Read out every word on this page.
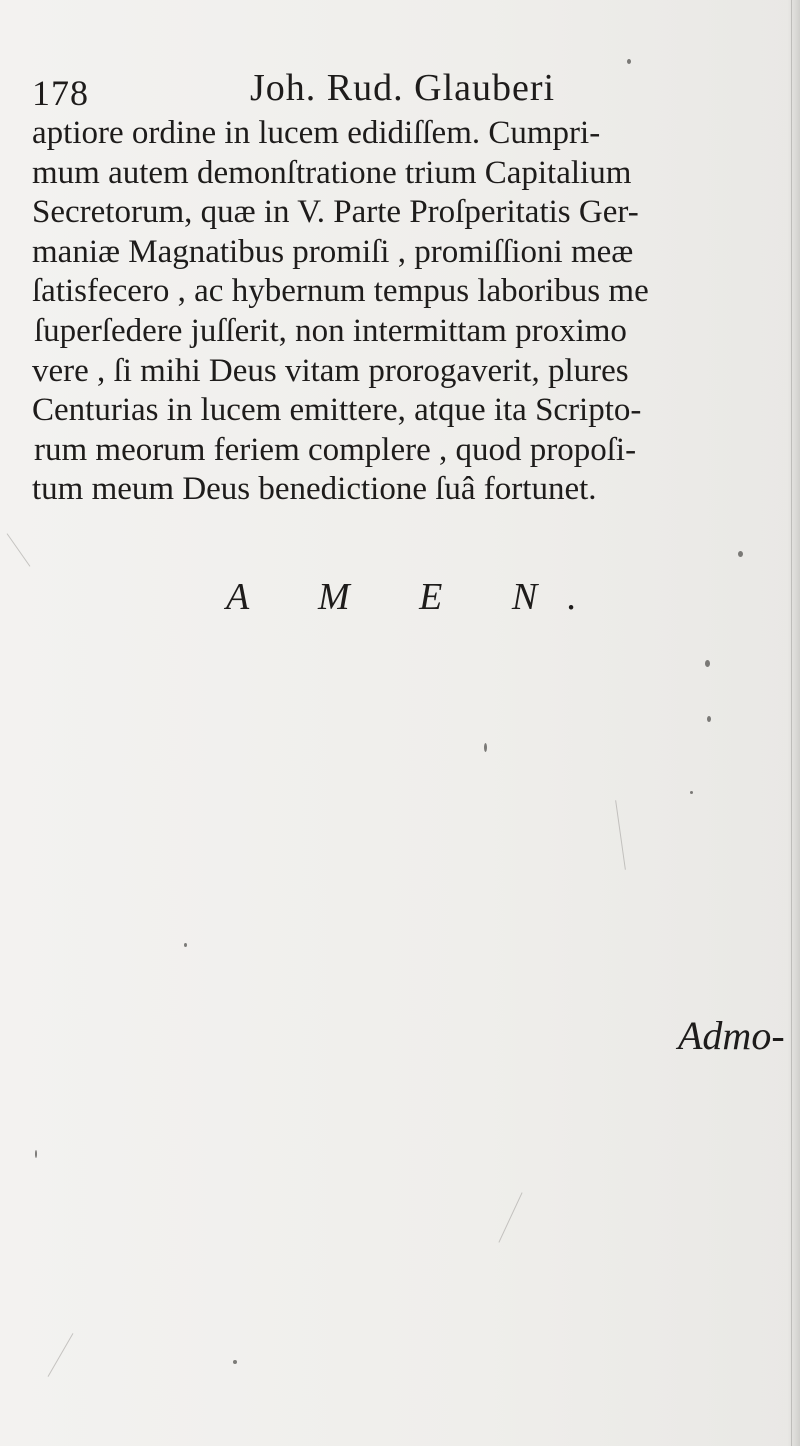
178	Joh. Rud. Glauberi
aptiore ordine in lucem edidiſſem. Cumpri-
mum autem demonſtratione trium Capitalium
Secretorum, quæ in V. Parte Proſperitatis Ger-
maniæ Magnatibus promiſi , promiſſioni meæ
ſatisfecero , ac hybernum tempus laboribus me
ſuperſedere juſſerit, non intermittam proximo
vere , ſi mihi Deus vitam prorogaverit, plures
Centurias in lucem emittere, atque ita Scripto-
rum meorum feriem complere , quod propoſi-
tum meum Deus benedictione ſuâ fortunet.
A M E N.
Admo-
